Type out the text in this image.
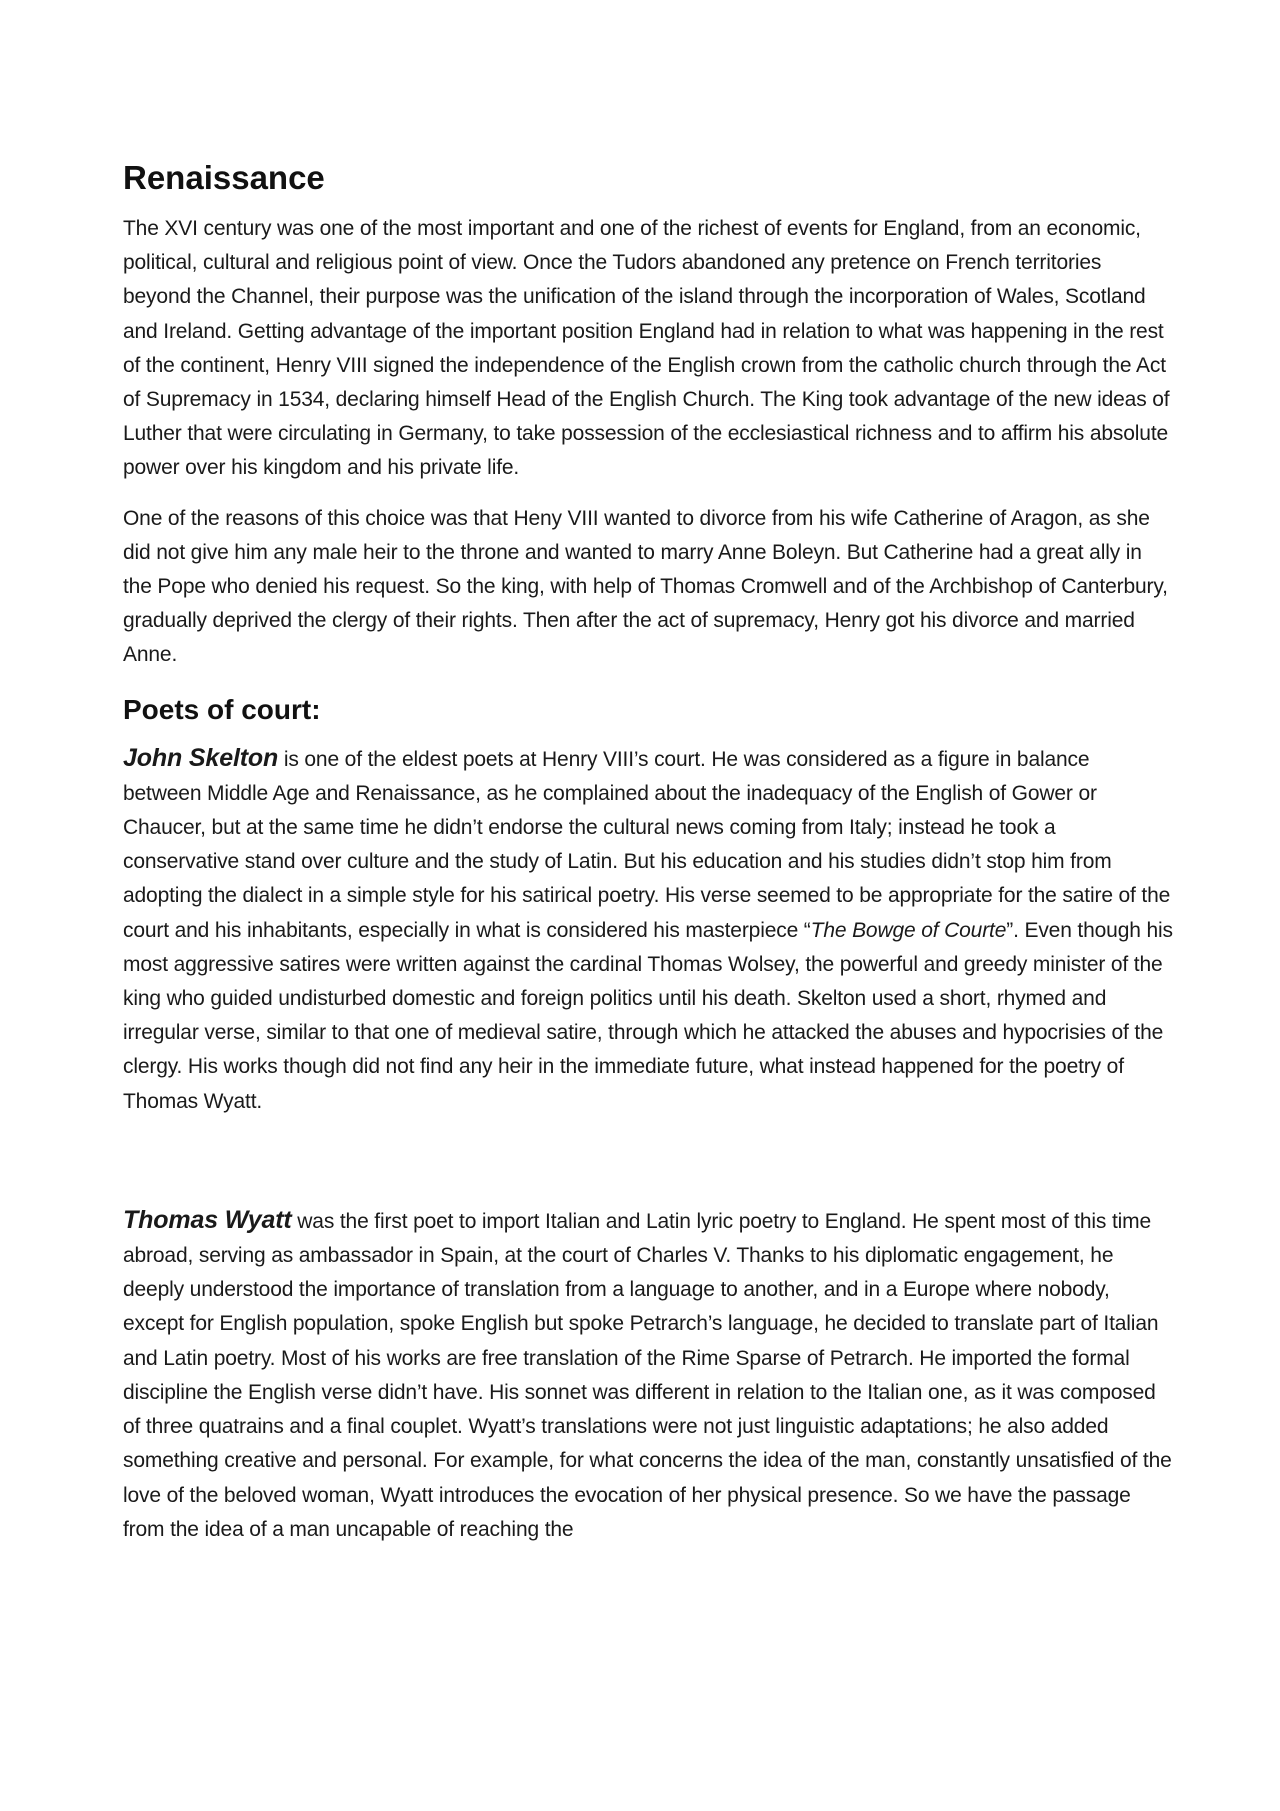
Renaissance

The XVI century was one of the most important and one of the richest of events for England, from an economic, political, cultural and religious point of view. Once the Tudors abandoned any pretence on French territories beyond the Channel, their purpose was the unification of the island through the incorporation of Wales, Scotland and Ireland. Getting advantage of the important position England had in relation to what was happening in the rest of the continent, Henry VIII signed the independence of the English crown from the catholic church through the Act of Supremacy in 1534, declaring himself Head of the English Church. The King took advantage of the new ideas of Luther that were circulating in Germany, to take possession of the ecclesiastical richness and to affirm his absolute power over his kingdom and his private life.

One of the reasons of this choice was that Heny VIII wanted to divorce from his wife Catherine of Aragon, as she did not give him any male heir to the throne and wanted to marry Anne Boleyn. But Catherine had a great ally in the Pope who denied his request. So the king, with help of Thomas Cromwell and of the Archbishop of Canterbury, gradually deprived the clergy of their rights. Then after the act of supremacy, Henry got his divorce and married Anne.

Poets of court:

John Skelton is one of the eldest poets at Henry VIII’s court. He was considered as a figure in balance between Middle Age and Renaissance, as he complained about the inadequacy of the English of Gower or Chaucer, but at the same time he didn’t endorse the cultural news coming from Italy; instead he took a conservative stand over culture and the study of Latin. But his education and his studies didn’t stop him from adopting the dialect in a simple style for his satirical poetry. His verse seemed to be appropriate for the satire of the court and his inhabitants, especially in what is considered his masterpiece “The Bowge of Courte”. Even though his most aggressive satires were written against the cardinal Thomas Wolsey, the powerful and greedy minister of the king who guided undisturbed domestic and foreign politics until his death. Skelton used a short, rhymed and irregular verse, similar to that one of medieval satire, through which he attacked the abuses and hypocrisies of the clergy. His works though did not find any heir in the immediate future, what instead happened for the poetry of Thomas Wyatt.

Thomas Wyatt was the first poet to import Italian and Latin lyric poetry to England. He spent most of this time abroad, serving as ambassador in Spain, at the court of Charles V. Thanks to his diplomatic engagement, he deeply understood the importance of translation from a language to another, and in a Europe where nobody, except for English population, spoke English but spoke Petrarch’s language, he decided to translate part of Italian and Latin poetry. Most of his works are free translation of the Rime Sparse of Petrarch. He imported the formal discipline the English verse didn’t have. His sonnet was different in relation to the Italian one, as it was composed of three quatrains and a final couplet. Wyatt’s translations were not just linguistic adaptations; he also added something creative and personal. For example, for what concerns the idea of the man, constantly unsatisfied of the love of the beloved woman, Wyatt introduces the evocation of her physical presence. So we have the passage from the idea of a man uncapable of reaching the
